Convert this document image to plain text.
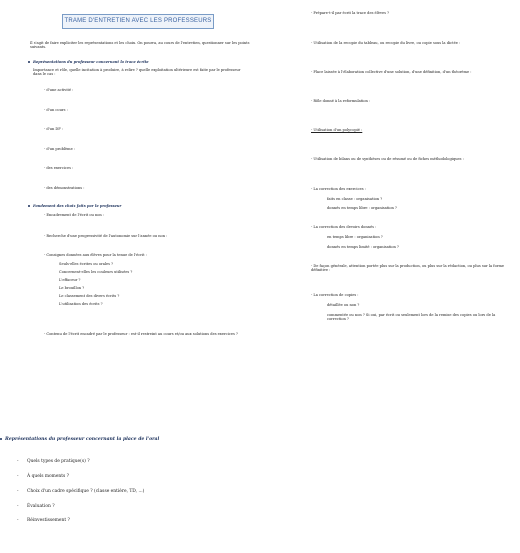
TRAME D'ENTRETIEN AVEC LES PROFESSEURS
Il s'agit de faire expliciter les représentations et les choix. On pourra, au cours de l'entretien, questionner sur les points suivants.
Représentations du professeur concernant la trace écrite
Importance et rôle, quelle incitation à produire, à relire ? quelle exploitation ultérieure est faite par le professeur dans le cas :
- d'une activité :
- d'un cours :
- d'un DF :
- d'un problème :
- des exercices :
- des démonstrations :
Fondement des choix faits par le professeur
- Encadrement de l'écrit ou non :
- Recherche d'une progressivité de l'autonomie sur l'année ou non :
- Consignes données aux élèves pour la tenue de l'écrit :
Seuls-elles écrites ou orales ?
Concernent-elles les couleurs utilisées ?
L'effaceur ?
Le brouillon ?
Le classement des divers écrits ?
L'utilisation des écrits ?
- Contenu de l'écrit encadré par le professeur : est-il restreint au cours et/ou aux solutions des exercices ?
- Prépare-t-il par écrit la trace des élèves ?
- Utilisation de la recopie du tableau, ou recopie du livre, ou copie sous la dictée :
- Place laissée à l'élaboration collective d'une solution, d'une définition, d'un théorème :
- Rôle donné à la reformulation :
- Utilisation d'un polycopié :
- Utilisation de bilans ou de synthèses ou de résumé ou de fiches méthodologiques :
- La correction des exercices :
faits en classe : organisation ?
donnés en temps libre : organisation ?
- La correction des devoirs donnés :
en temps libre : organisation ?
donnés en temps limité : organisation ?
- De façon générale, attention portée plus sur la production, ou plus sur la rédaction, ou plus sur la forme définitive :
- La correction de copies :
détaillée ou non ?
commentée ou non ? Si oui, par écrit ou seulement lors de la remise des copies ou lors de la correction ?
Représentations du professeur concernant la place de l'oral
- Quels types de pratique(s) ?
- À quels moments ?
- Choix d'un cadre spécifique ? (classe entière, TD, ...)
- Évaluation ?
- Réinvestissement ?
